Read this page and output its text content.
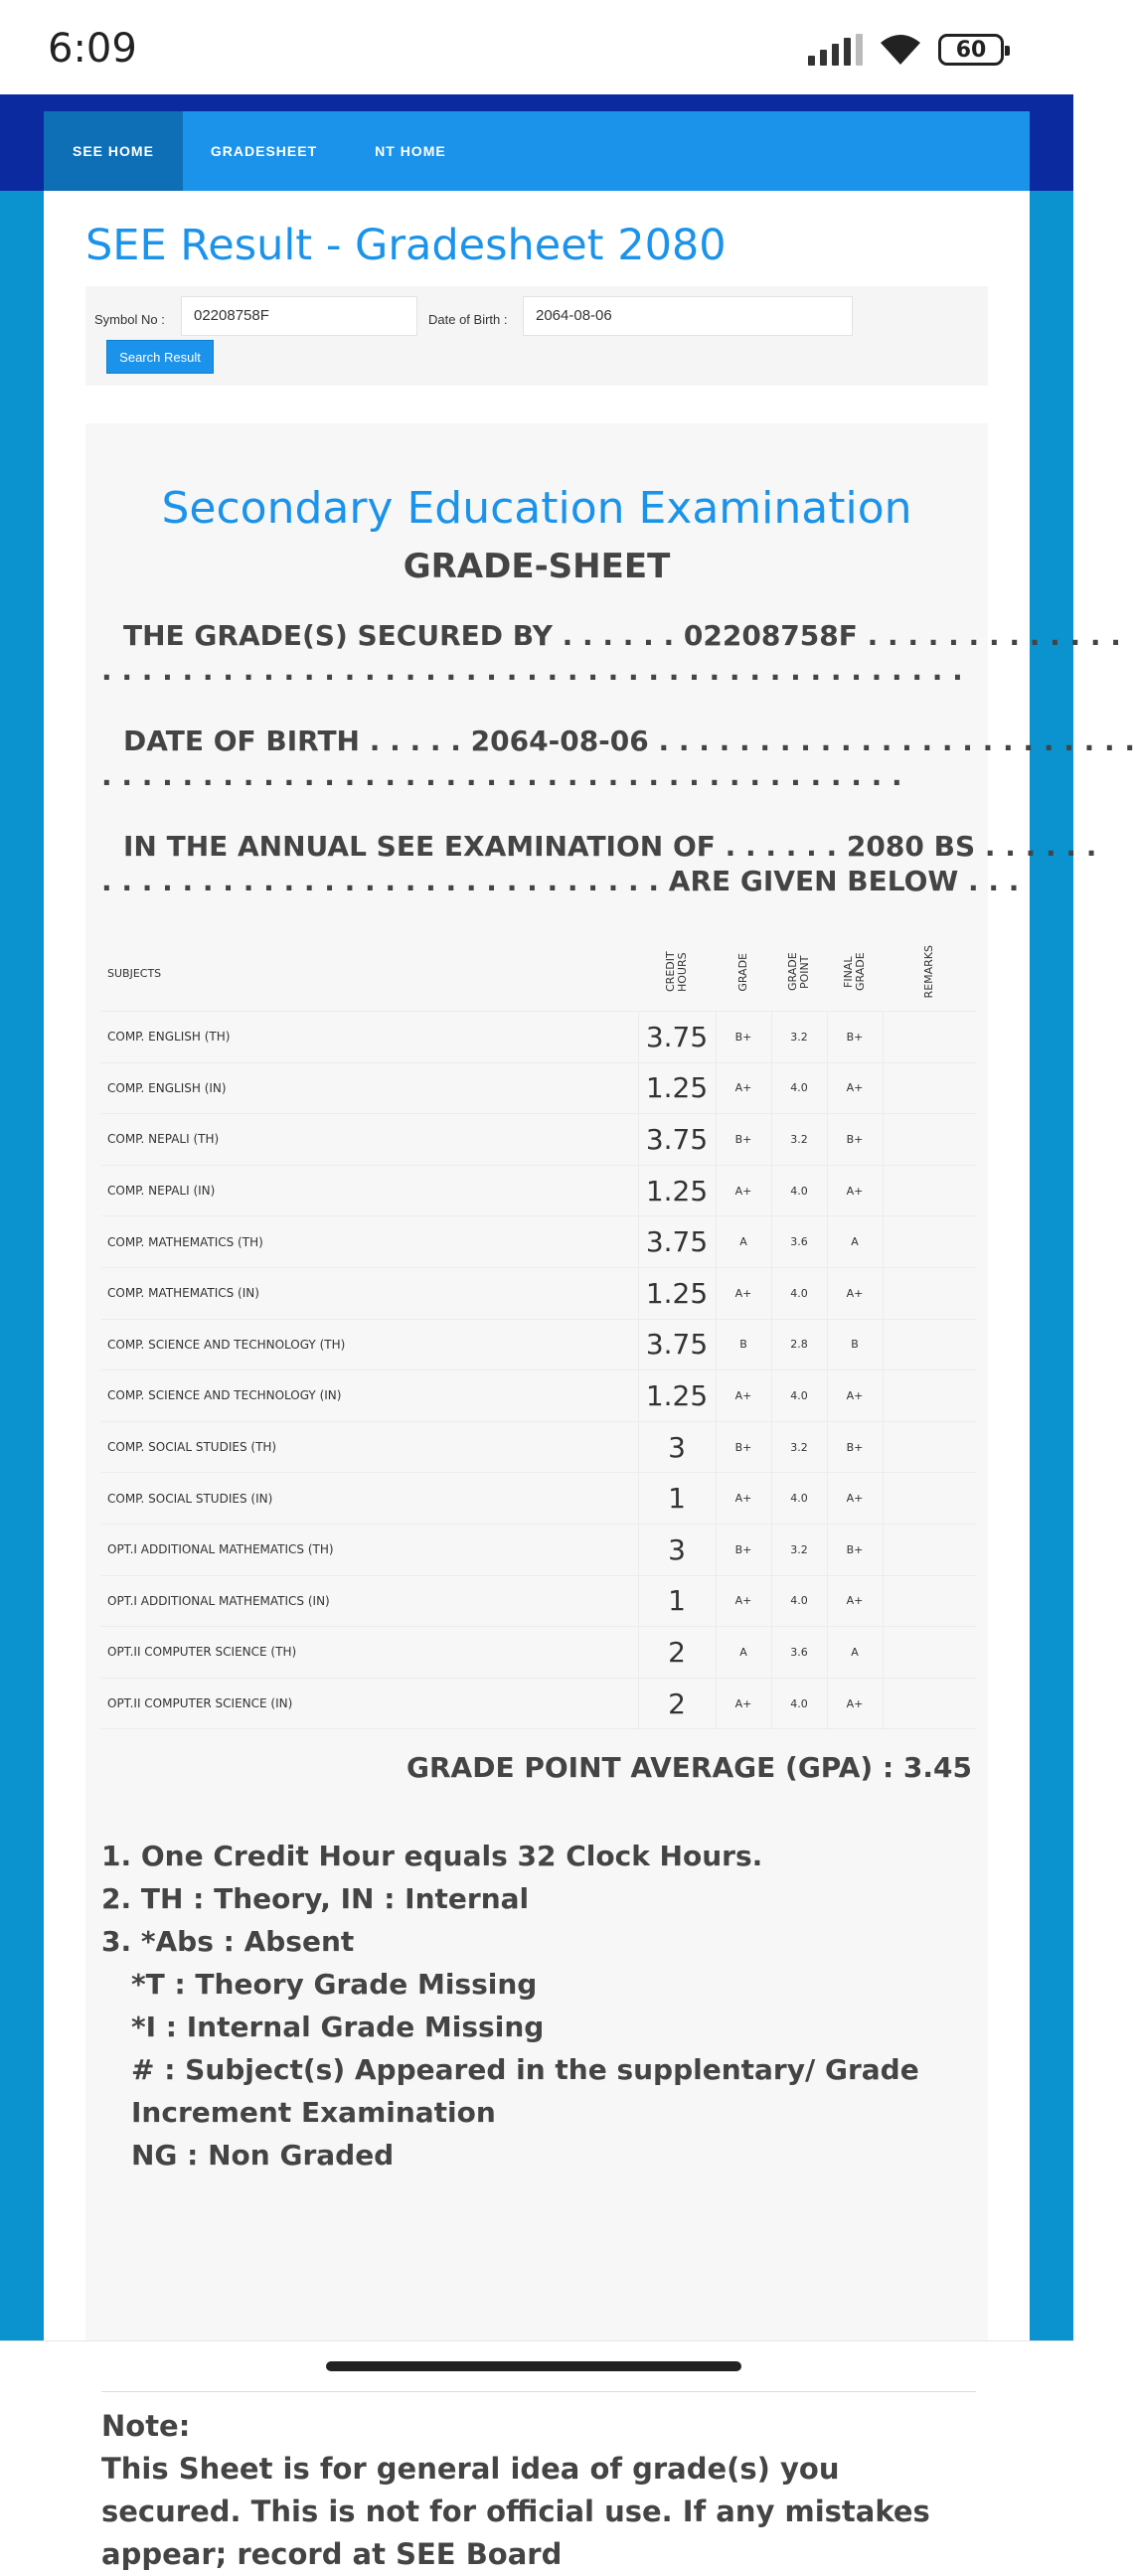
6:09	60
SEE HOME	GRADESHEET	NT HOME
SEE Result - Gradesheet 2080
Symbol No :	02208758F	Date of Birth :	2064-08-06
Search Result
Secondary Education Examination
GRADE-SHEET
THE GRADE(S) SECURED BY . . . . . . 02208758F . . . . . . . . . . . . .
. . . . . . . . . . . . . . . . . . . . . . . . . . . . . . . . . . . . . . . . . . .
DATE OF BIRTH . . . . . 2064-08-06 . . . . . . . . . . . . . . . . . . . . . . . .
. . . . . . . . . . . . . . . . . . . . . . . . . . . . . . . . . . . . . . . .
IN THE ANNUAL SEE EXAMINATION OF . . . . . . 2080 BS . . . . . .
. . . . . . . . . . . . . . . . . . . . . . . . . . . . ARE GIVEN BELOW . . .
SUBJECTS	CREDIT HOURS	GRADE	GRADE POINT	FINAL GRADE	REMARKS
COMP. ENGLISH (TH)	3.75	B+	3.2	B+	
COMP. ENGLISH (IN)	1.25	A+	4.0	A+	
COMP. NEPALI (TH)	3.75	B+	3.2	B+	
COMP. NEPALI (IN)	1.25	A+	4.0	A+	
COMP. MATHEMATICS (TH)	3.75	A	3.6	A	
COMP. MATHEMATICS (IN)	1.25	A+	4.0	A+	
COMP. SCIENCE AND TECHNOLOGY (TH)	3.75	B	2.8	B	
COMP. SCIENCE AND TECHNOLOGY (IN)	1.25	A+	4.0	A+	
COMP. SOCIAL STUDIES (TH)	3	B+	3.2	B+	
COMP. SOCIAL STUDIES (IN)	1	A+	4.0	A+	
OPT.I ADDITIONAL MATHEMATICS (TH)	3	B+	3.2	B+	
OPT.I ADDITIONAL MATHEMATICS (IN)	1	A+	4.0	A+	
OPT.II COMPUTER SCIENCE (TH)	2	A	3.6	A	
OPT.II COMPUTER SCIENCE (IN)	2	A+	4.0	A+	
GRADE POINT AVERAGE (GPA) : 3.45
1. One Credit Hour equals 32 Clock Hours.
2. TH : Theory, IN : Internal
3. *Abs : Absent
*T : Theory Grade Missing
*I : Internal Grade Missing
# : Subject(s) Appeared in the supplentary/ Grade Increment Examination
NG : Non Graded
Note:
This Sheet is for general idea of grade(s) you secured. This is not for official use. If any mistakes appear; record at SEE Board
